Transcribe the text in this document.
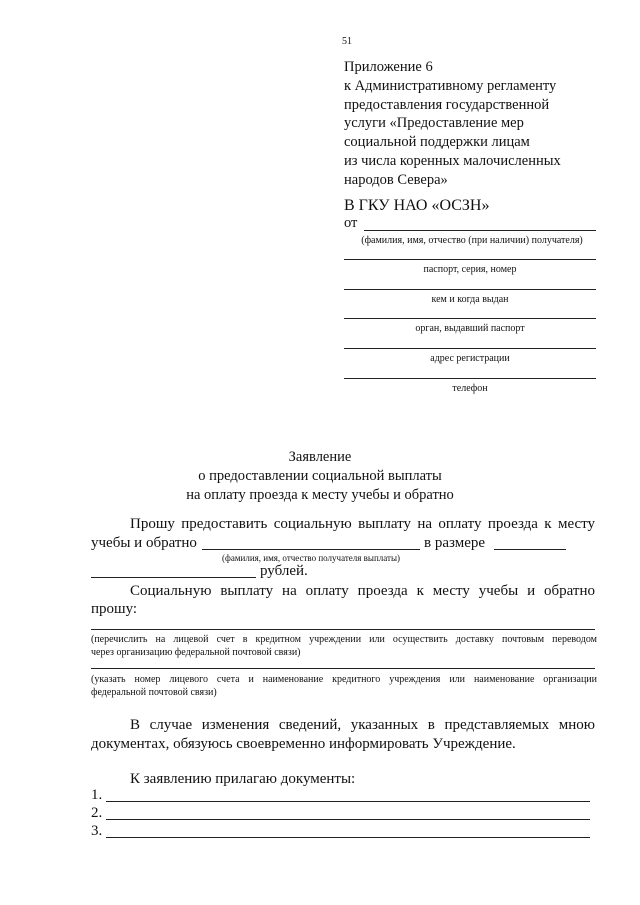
51
Приложение 6
к Административному регламенту
предоставления государственной
услуги «Предоставление мер
социальной поддержки лицам
из числа коренных малочисленных
народов Севера»
В ГКУ НАО «ОСЗН»
от
(фамилия, имя, отчество (при наличии) получателя)
паспорт, серия, номер
кем и когда выдан
орган, выдавший паспорт
адрес регистрации
телефон
Заявление
о предоставлении социальной выплаты
на оплату проезда к месту учебы и обратно
Прошу предоставить социальную выплату на оплату проезда к месту
учебы и обратно	в размере
(фамилия, имя, отчество получателя выплаты)
рублей.
Социальную выплату на оплату проезда к месту учебы и обратно
прошу:
(перечислить на лицевой счет в кредитном учреждении или осуществить доставку почтовым переводом
через организацию федеральной почтовой связи)
(указать номер лицевого счета и наименование кредитного учреждения или наименование организации
федеральной почтовой связи)
В случае изменения сведений, указанных в представляемых мною
документах, обязуюсь своевременно информировать Учреждение.
К заявлению прилагаю документы:
1.
2.
3.
